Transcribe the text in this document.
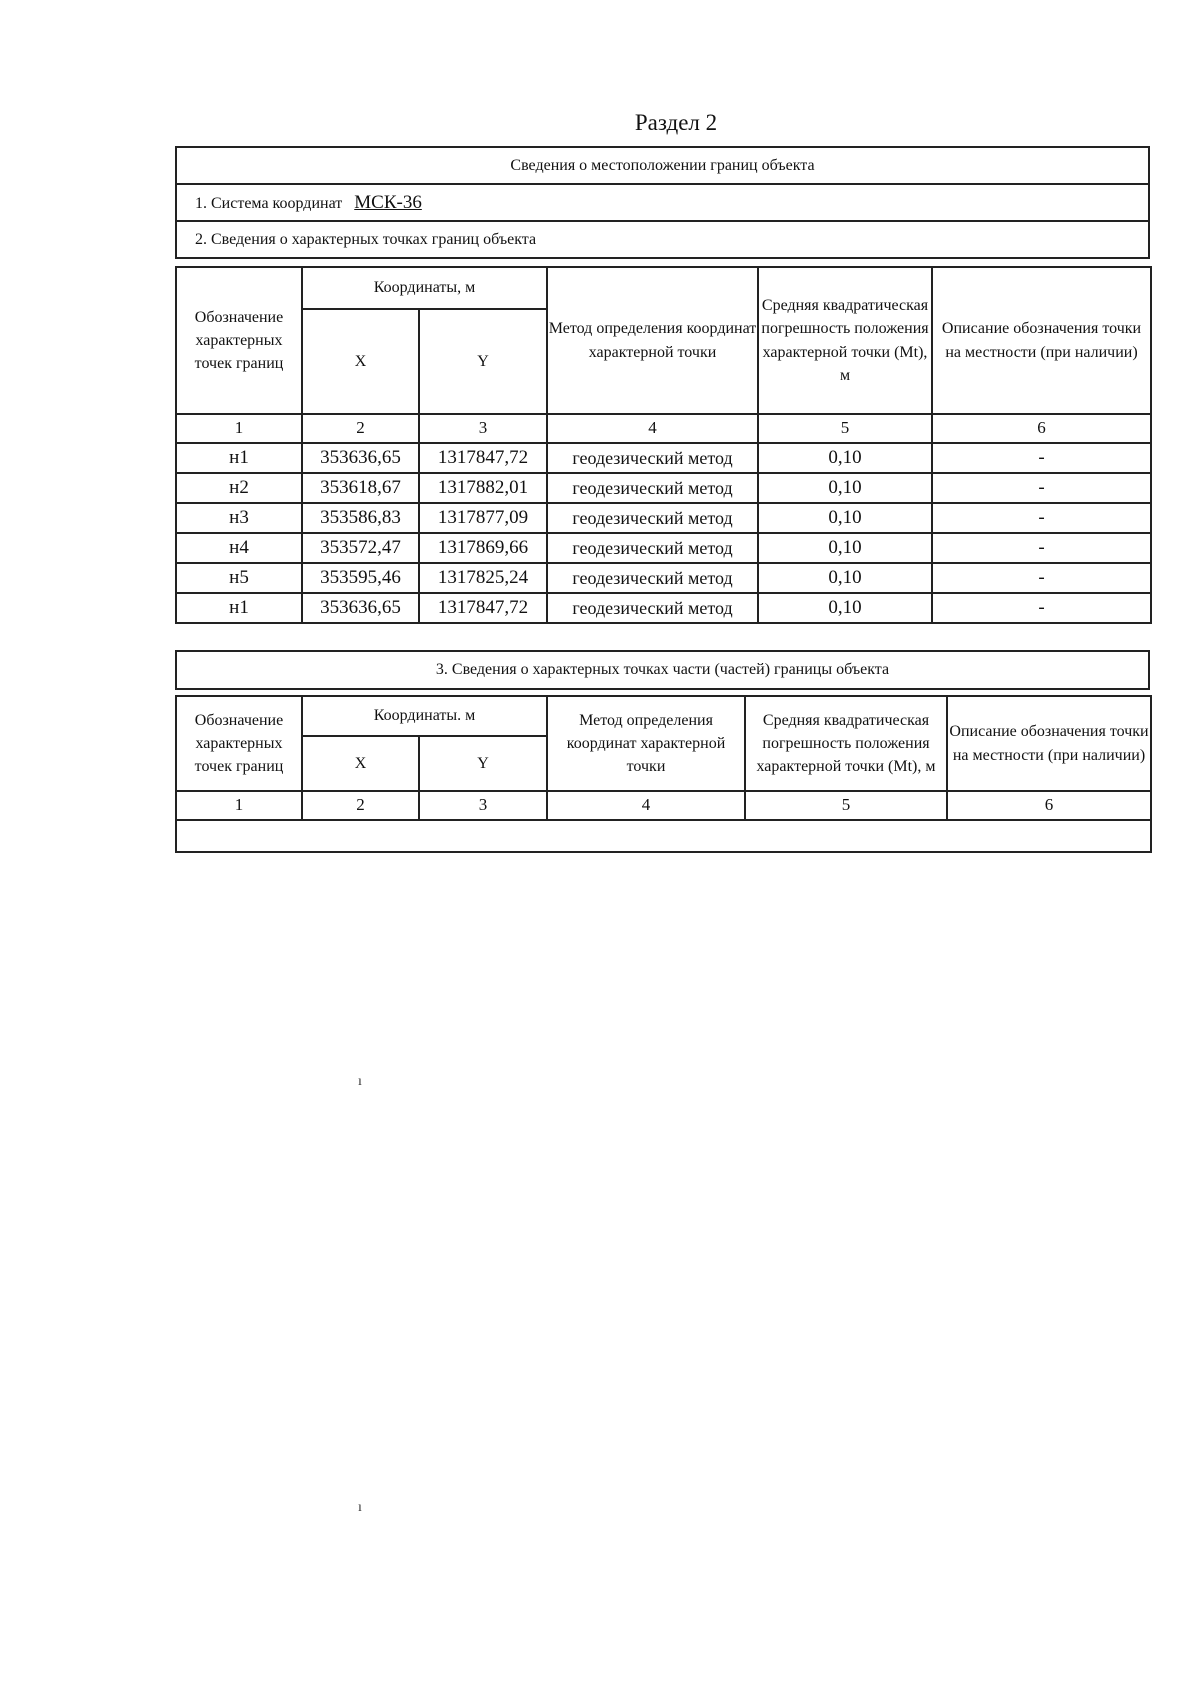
Раздел 2
Сведения о местоположении границ объекта
1. Система координат МСК-36
2. Сведения о характерных точках границ объекта
Обозначение характерных точек границ	Координаты, м		Метод определения координат характерной точки	Средняя квадратическая погрешность положения характерной точки (Mt), м	Описание обозначения точки на местности (при наличии)
	X	Y			
1	2	3	4	5	6
н1	353636,65	1317847,72	геодезический метод	0,10	-
н2	353618,67	1317882,01	геодезический метод	0,10	-
н3	353586,83	1317877,09	геодезический метод	0,10	-
н4	353572,47	1317869,66	геодезический метод	0,10	-
н5	353595,46	1317825,24	геодезический метод	0,10	-
н1	353636,65	1317847,72	геодезический метод	0,10	-
3. Сведения о характерных точках части (частей) границы объекта
Обозначение характерных точек границ	Координаты. м		Метод определения координат характерной точки	Средняя квадратическая погрешность положения характерной точки (Mt), м	Описание обозначения точки на местности (при наличии)
	X	Y			
1	2	3	4	5	6

ı
ı
